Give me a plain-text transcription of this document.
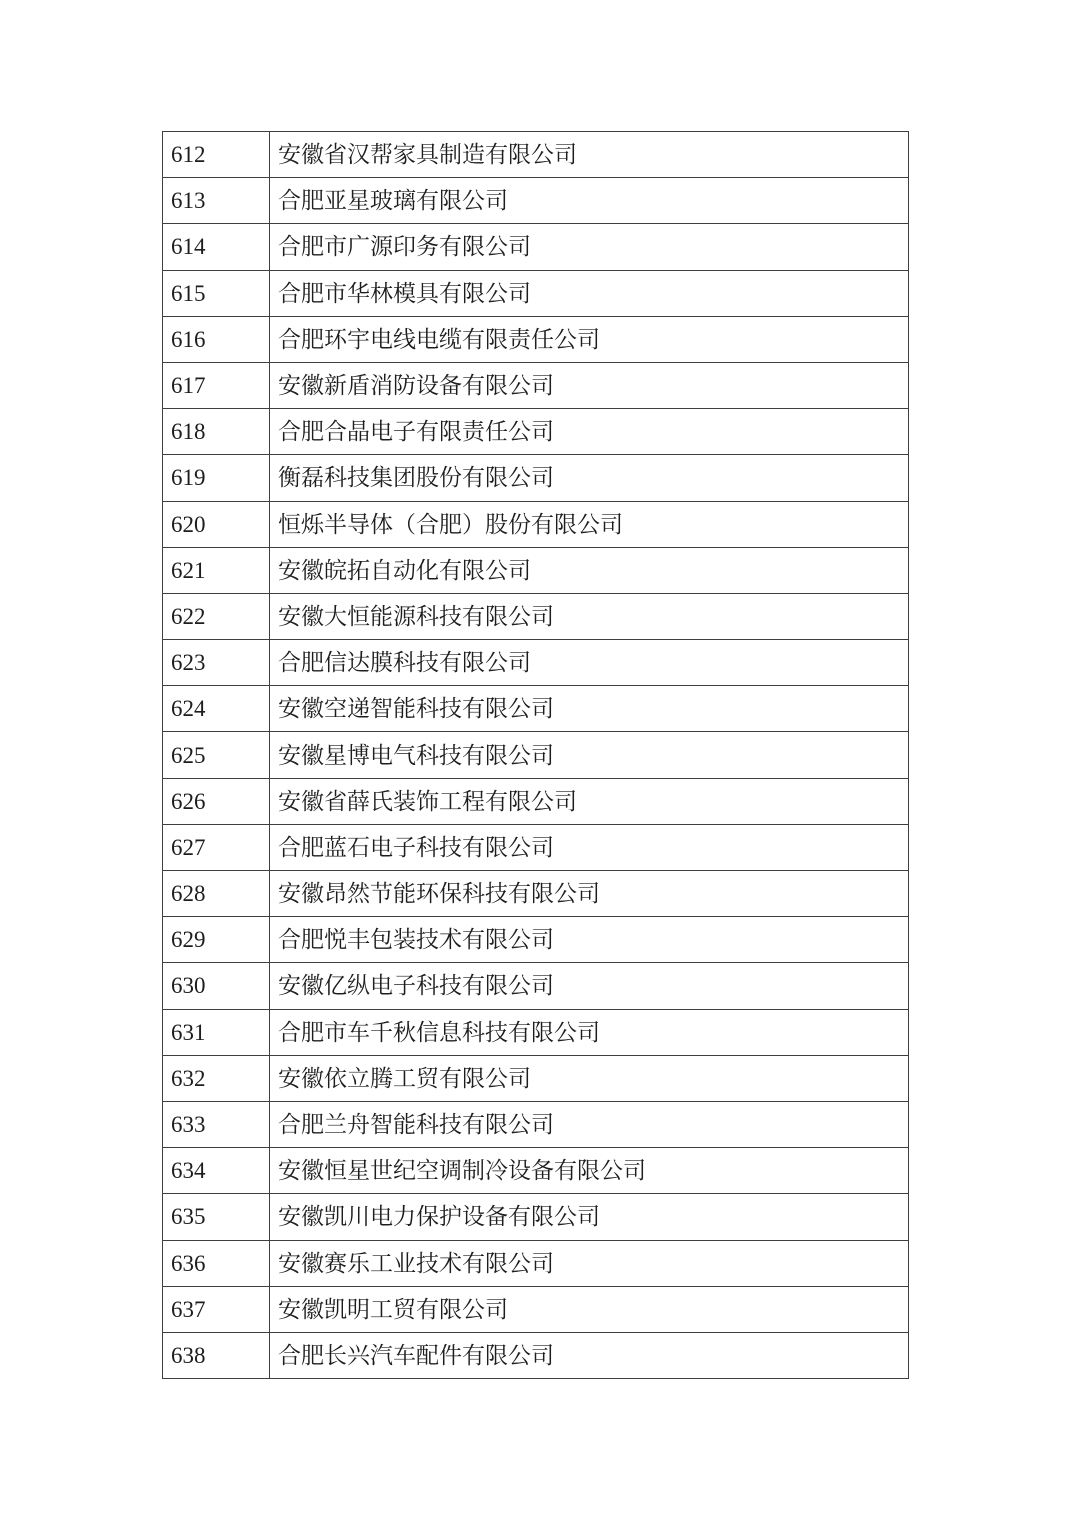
612	安徽省汉帮家具制造有限公司
613	合肥亚星玻璃有限公司
614	合肥市广源印务有限公司
615	合肥市华林模具有限公司
616	合肥环宇电线电缆有限责任公司
617	安徽新盾消防设备有限公司
618	合肥合晶电子有限责任公司
619	衡磊科技集团股份有限公司
620	恒烁半导体（合肥）股份有限公司
621	安徽皖拓自动化有限公司
622	安徽大恒能源科技有限公司
623	合肥信达膜科技有限公司
624	安徽空递智能科技有限公司
625	安徽星博电气科技有限公司
626	安徽省薛氏装饰工程有限公司
627	合肥蓝石电子科技有限公司
628	安徽昂然节能环保科技有限公司
629	合肥悦丰包装技术有限公司
630	安徽亿纵电子科技有限公司
631	合肥市车千秋信息科技有限公司
632	安徽依立腾工贸有限公司
633	合肥兰舟智能科技有限公司
634	安徽恒星世纪空调制冷设备有限公司
635	安徽凯川电力保护设备有限公司
636	安徽赛乐工业技术有限公司
637	安徽凯明工贸有限公司
638	合肥长兴汽车配件有限公司
